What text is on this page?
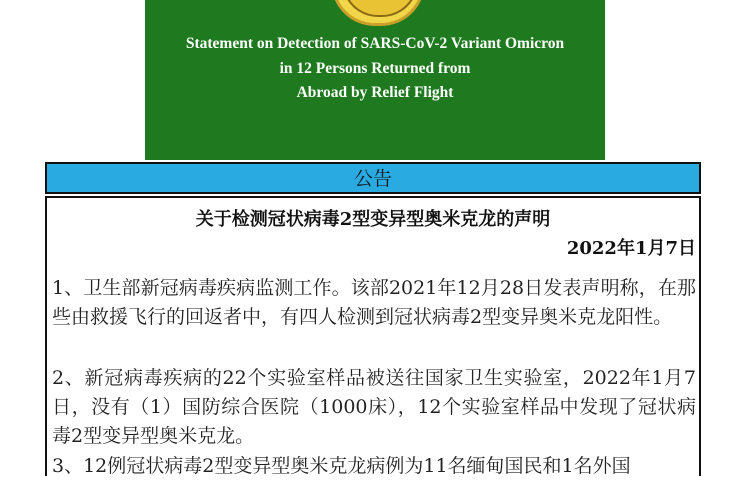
Statement on Detection of SARS-CoV-2 Variant Omicron
in 12 Persons Returned from
Abroad by Relief Flight
公告
关于检测冠状病毒2型变异型奥米克龙的声明
2022年1月7日
1、卫生部新冠病毒疾病监测工作。该部2021年12月28日发表声明称，在那些由救援飞行的回返者中，有四人检测到冠状病毒2型变异奥米克龙阳性。
2、新冠病毒疾病的22个实验室样品被送往国家卫生实验室，2022年1月7日，没有（1）国防综合医院（1000床），12个实验室样品中发现了冠状病毒2型变异型奥米克龙。
3、12例冠状病毒2型变异型奥米克龙病例为11名缅甸国民和1名外国
